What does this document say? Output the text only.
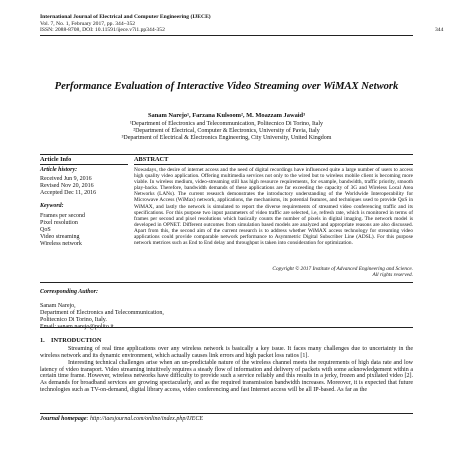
International Journal of Electrical and Computer Engineering (IJECE)
Vol. 7, No. 1, February 2017, pp. 344~352
ISSN: 2088-8708, DOI: 10.11591/ijece.v7i1.pp344-352	344
Performance Evaluation of Interactive Video Streaming over WiMAX Network
Sanam Narejo¹, Farzana Kulsoom², M. Moazzam Jawaid³
¹Department of Electronics and Telecommunication, Politecnico Di Torino, Italy
²Department of Electrical, Computer & Electronics, University of Pavia, Italy
³Department of Electrical & Electronics Engineering, City University, United Kingdom
Article Info	ABSTRACT
Article history:
Received Jun 9, 2016
Revised Nov 20, 2016
Accepted Dec 11, 2016
Keyword:
Frames per second
Pixel resolution
QoS
Video streaming
Wireless network
Nowadays, the desire of internet access and the need of digital recordings have influenced quite a large number of users to access high quality video application. Offering multimedia services not only to the wired but to wireless mobile client is becoming more viable. In wireless medium, video-streaming still has high resource requirements, for example, bandwidth, traffic priority, smooth play-backs. Therefore, bandwidth demands of these applications are far exceeding the capacity of 3G and Wireless Local Area Networks (LANs). The current research demonstrates the introductory understanding of the Worldwide Interoperability for Microwave Access (WiMax) network, applications, the mechanisms, its potential features, and techniques used to provide QoS in WiMAX, and lastly the network is simulated to report the diverse requirements of streamed video conferencing traffic and its specifications. For this purpose two input parameters of video traffic are selected, i.e, refresh rate, which is monitored in terms of frames per second and pixel resolutions which basically counts the number of pixels in digital imaging. The network model is developed in OPNET. Different outcomes from simulation based models are analyzed and appropriate reasons are also discussed. Apart from this, the second aim of the current research is to address whether WiMAX access technology for streaming video applications could provide comparable network performance to Asymmetric Digital Subscriber Line (ADSL). For this purpose network metrices such as End to End delay and throughput is taken into consideration for optimization.
Copyright © 2017 Institute of Advanced Engineering and Science.
All rights reserved.
Corresponding Author:
Sanam Narejo,
Department of Electronics and Telecommunication,
Politecnico Di Torino, Italy.
Email: sanam.narejo@polito.it
1.    INTRODUCTION

Streaming of real time applications over any wireless network is basically a key issue. It faces many challenges due to uncertainty in the wireless network and its dynamic environment, which actually causes link errors and high packet loss ratios [1].

Interesting technical challenges arise when an un-predictable nature of the wireless channel meets the requirements of high data rate and low latency of video transport. Video streaming intuitively requires a steady flow of information and delivery of packets with some acknowledgement within a certain time frame. However, wireless networks have difficulty to provide such a service reliably and this results in a jerky, frozen and pixilated video [2]. As demands for broadband services are growing spectacularly, and as the required transmission bandwidth increases. Moreover, it is expected that future technologies such as TV-on-demand, digital library access, video conferencing and fast Internet access will be all IP-based. As far as the

Journal homepage: http://iaesjournal.com/online/index.php/IJECE
